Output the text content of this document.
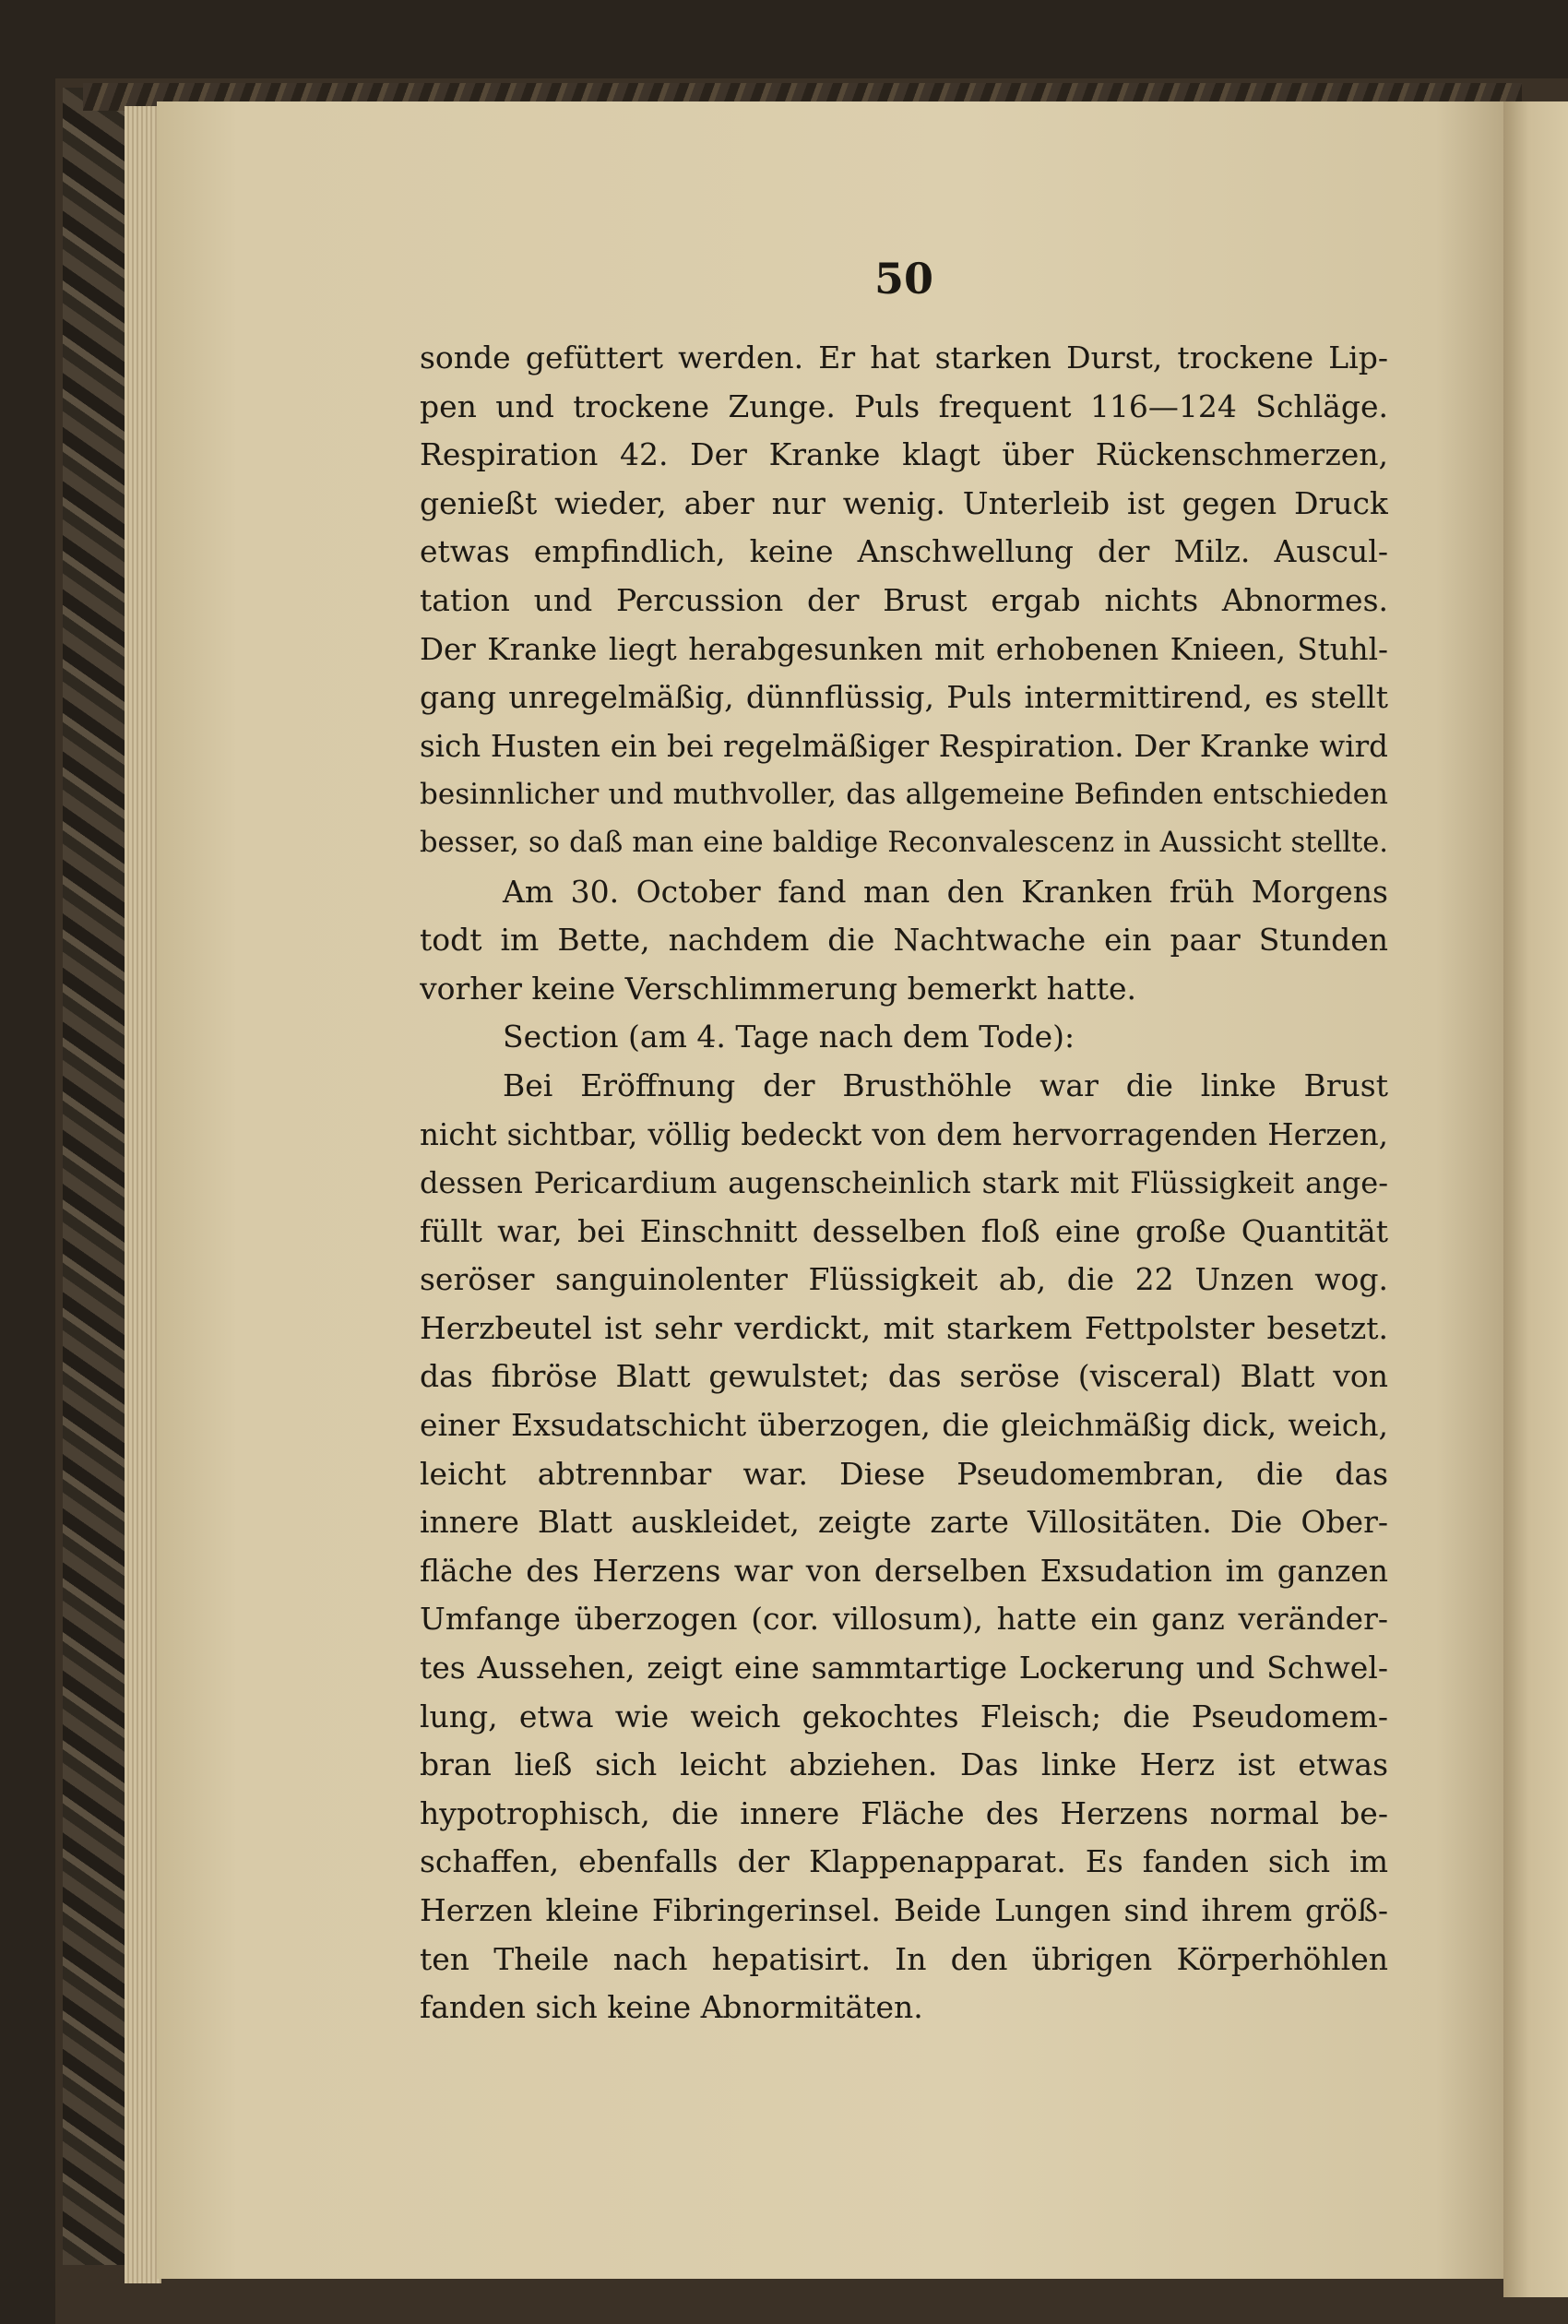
50
sonde gefüttert werden. Er hat starken Durst, trockene Lip-
pen und trockene Zunge. Puls frequent 116—124 Schläge.
Respiration 42. Der Kranke klagt über Rückenschmerzen,
genießt wieder, aber nur wenig. Unterleib ist gegen Druck
etwas empfindlich, keine Anschwellung der Milz. Auscul-
tation und Percussion der Brust ergab nichts Abnormes.
Der Kranke liegt herabgesunken mit erhobenen Knieen, Stuhl-
gang unregelmäßig, dünnflüssig, Puls intermittirend, es stellt
sich Husten ein bei regelmäßiger Respiration. Der Kranke wird
besinnlicher und muthvoller, das allgemeine Befinden entschieden
besser, so daß man eine baldige Reconvalescenz in Aussicht stellte.
Am 30. October fand man den Kranken früh Morgens
todt im Bette, nachdem die Nachtwache ein paar Stunden
vorher keine Verschlimmerung bemerkt hatte.
Section (am 4. Tage nach dem Tode):
Bei Eröffnung der Brusthöhle war die linke Brust
nicht sichtbar, völlig bedeckt von dem hervorragenden Herzen,
dessen Pericardium augenscheinlich stark mit Flüssigkeit ange-
füllt war, bei Einschnitt desselben floß eine große Quantität
seröser sanguinolenter Flüssigkeit ab, die 22 Unzen wog.
Herzbeutel ist sehr verdickt, mit starkem Fettpolster besetzt.
das fibröse Blatt gewulstet; das seröse (visceral) Blatt von
einer Exsudatschicht überzogen, die gleichmäßig dick, weich,
leicht abtrennbar war. Diese Pseudomembran, die das
innere Blatt auskleidet, zeigte zarte Villositäten. Die Ober-
fläche des Herzens war von derselben Exsudation im ganzen
Umfange überzogen (cor. villosum), hatte ein ganz veränder-
tes Aussehen, zeigt eine sammtartige Lockerung und Schwel-
lung, etwa wie weich gekochtes Fleisch; die Pseudomem-
bran ließ sich leicht abziehen. Das linke Herz ist etwas
hypotrophisch, die innere Fläche des Herzens normal be-
schaffen, ebenfalls der Klappenapparat. Es fanden sich im
Herzen kleine Fibringerinsel. Beide Lungen sind ihrem größ-
ten Theile nach hepatisirt. In den übrigen Körperhöhlen
fanden sich keine Abnormitäten.
